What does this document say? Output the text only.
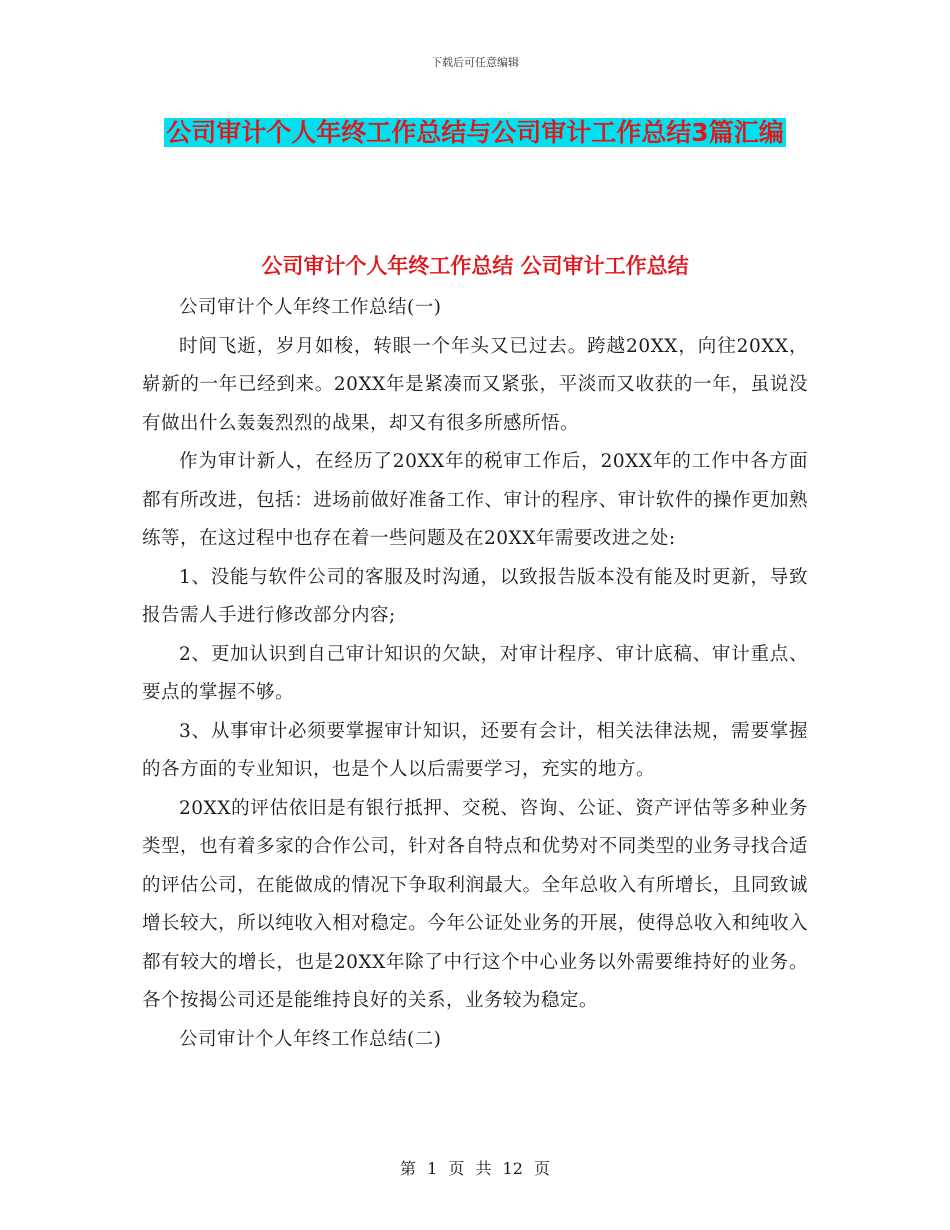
下载后可任意编辑
公司审计个人年终工作总结与公司审计工作总结3篇汇编
公司审计个人年终工作总结 公司审计工作总结

公司审计个人年终工作总结(一)

时间飞逝，岁月如梭，转眼一个年头又已过去。跨越20XX，向往20XX，崭新的一年已经到来。20XX年是紧凑而又紧张，平淡而又收获的一年，虽说没有做出什么轰轰烈烈的战果，却又有很多所感所悟。

作为审计新人，在经历了20XX年的税审工作后，20XX年的工作中各方面都有所改进，包括：进场前做好准备工作、审计的程序、审计软件的操作更加熟练等，在这过程中也存在着一些问题及在20XX年需要改进之处:

1、没能与软件公司的客服及时沟通，以致报告版本没有能及时更新，导致报告需人手进行修改部分内容;

2、更加认识到自己审计知识的欠缺，对审计程序、审计底稿、审计重点、要点的掌握不够。

3、从事审计必须要掌握审计知识，还要有会计，相关法律法规，需要掌握的各方面的专业知识，也是个人以后需要学习，充实的地方。

20XX的评估依旧是有银行抵押、交税、咨询、公证、资产评估等多种业务类型，也有着多家的合作公司，针对各自特点和优势对不同类型的业务寻找合适的评估公司，在能做成的情况下争取利润最大。全年总收入有所增长，且同致诚增长较大，所以纯收入相对稳定。今年公证处业务的开展，使得总收入和纯收入都有较大的增长，也是20XX年除了中行这个中心业务以外需要维持好的业务。各个按揭公司还是能维持良好的关系，业务较为稳定。

公司审计个人年终工作总结(二)

第 1 页 共 12 页
